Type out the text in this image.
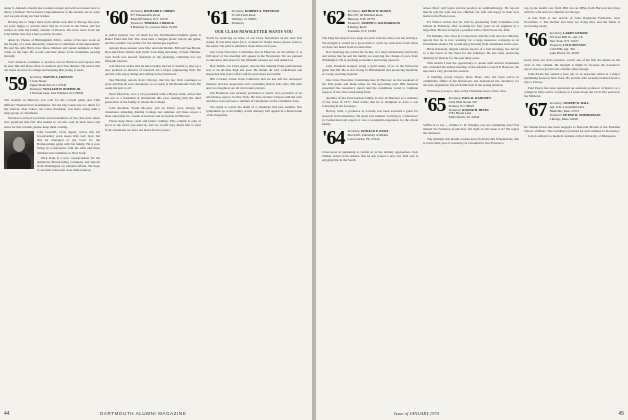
Anne S. Amanda already has a tennis racquet and will soon learn how to throw a frisbee! We've heard congratulations to the parents are in order and we pass along our best wishes.

Having due to Skip's hard work which took him to Europe last year, we were happy to receive news that he is back in the States and has settled in with his family outside of Boston. We have news from the John Miller who has a new position in sales.

Allen R. Thelen of Birmingham, Mich., writes of his new work on the faculty of a state university, where he is chairman of the department. He and his wife Betty have three children and spend summers at their cabin on the lake. He would welcome letters from classmates passing through.

Tom Johnson continues to practice law in Hartford and reports that he sees Jim and Dave often at reunions and class dinners. He writes that the twins are now in college and keeping him young at heart.

'59 Secretary, WAYNE A. FRENCH
5 Gale Street
Upper Montclair, N.J. 07043
Treasurer, WILLIAM H. BOEHM JR.
2 Newton Lane, East Windsor, N.J. 08520

The weather in Hanover was cold for the Cornell game and Club Officers' Weekend but nonetheless, but the big Green was too much for the visitors. Don Cutter, the Class President, was there along with a large group of classmates.

We have received word that several members of the class have taken new positions this fall. Our thanks to all who sent in their news and notes for this column; please keep them coming.

John Grenfell, Class Agent, writes that his broadcasting work keeps him very busy but that he managed to get back for the Homecoming game with his family. He is now living in Connecticut with his wife and three children and commutes to New York.

Dick Kalp is a new correspondent for the American Broadcasting Company and reports from Washington on national affairs. We hope to see him at the next class mini-reunion.

'60 Secretary, RICHARD F. OBERN
877 Pleasantville Road
Briarcliff Manor, N.Y. 10510
Treasurer, THOMAS J. BROCK
9 Berkeley St., Groton, Mass. 01450

A stellar turnout was on hand for the Dartmouth-Columbia game at Baker Field this fall. The class held a tailgate picnic before the game, and the weather was perfect for the annual get-together.

Among those present were Mac and Ann Kidder, Bill and Sue Harris, Don and Dotty Smith, Jack Swift, Tom Ring and many of their children. Jack Swift was elected chairman of the planning committee for our fifteenth reunion.

Joel Marcus writes that he has recently moved to Seattle to take up a new position as director of research for a major engineering firm. He and his wife enjoy skiing and sailing in the Northwest.

Ted Harding reports from Chicago that his law firm continues to grow and that he sees classmates on occasion at the Dartmouth Club. He sends his best to all.

Dave Morrison, now a vice president with a Boston bank, writes that his son is a freshman at Dartmouth this year, making him the third generation of the family to attend the College.

John Rozman, Frank Mooney and Al Peters were among the classmates attending Alumni College last summer. All three report a most enjoyable two weeks of lectures and recreation in Hanover.

Please keep those cards and letters coming. This column is only as good as the news you send in, and we would very much like to hear from classmates we have not heard from in years.

'61 Secretary, ROBERT A. WEINMAN
31 Old Farm Road
Windsor, Ct. 06095
Treasurer,
OUR CLASS NEWSLETTER WANTS YOU

You'll be receiving an issue of our Class Newsletter in the next few weeks. If you have news for it, or ideas for future issues, please write to the editor. We plan to publish it three times each year.

Our Class Executive Committee met in Hanover on November 3. A full report of the meeting will appear in the Newsletter. We are pleased to announce that plans for the fifteenth reunion are well underway.

Bob Smith, our Class Agent, reports that Alumni Fund participation was at an all-time high last year. He thanks all who contributed and hopes that this year's effort will be even more successful.

Bill Crocker writes from California that he has left the aerospace industry and has opened his own consulting firm in Palo Alto. His wife and two daughters are all avid tennis players.

Jim Hampton was recently promoted to senior vice president of an advertising agency in New York. He lives in New Canaan with his wife and three sons and sees a number of classmates on the commuter train.

We regret to report the death of a classmate this past autumn. Our sympathies go to his family. A full obituary will appear in a future issue of the magazine.

44	DARTMOUTH ALUMNI MAGAZINE
'62 Secretary, ARTHUR W. ROSEN
Box 597, 60 Mitchell Road
Hanover, N.H. 03755
Treasurer, JOSEPH C. RICHARDSON
8 Kelsey Road
Scarsdale, N.Y. 10583

The Mag has stayed on to keep in touch with the class over the holidays. We thought it would be a good time to catch up with news from those we have not heard from in some time.

Ron Stenberg has joined the faculty of a large midwestern university and writes that he and his family are enjoying the change of pace from Washington. He is teaching economics and doing research.

John Fountain stopped along a great many of us at the Princeton game this fall. He is now living in Philadelphia and practicing medicine at a large teaching hospital.

Our Class Executive Committee met in Hanover on the weekend of the Yale game and made plans for the upcoming year. Bill Jameson presented the treasurer's report and the committee voted to continue support of the class scholarship fund.

Another of the Paul Gannon family is now in Hanover as a member of the class of 1977. Paul writes that he is delighted to have a son following in his footsteps.

Harvey Stoll, a professor at Cornell, has been awarded a grant for research in biochemistry. He spent last summer working in a laboratory in Switzerland and reports it was a wonderful experience for the whole family.

'64 Secretary, DONALD E. KURT
Box 9345, University of Miami
Coral Gables, Fla. 33124

Class news is beginning to trickle in as the holiday approaches. Jack Walker writes from Atlanta that he has joined a new law firm and is enjoying life in the South.

where Marc will begin private practice in ophthalmology. He reports that he and his wife and two children are well and happy in their new home in the Boston area.

Ed Wilson writes that he will be graduating from Columbia Law School in February, after working for four years as an engineer in a large firm. He has accepted a position with a Wall Street law firm.

Pat Murphy, who lives in Connecticut with his wife and two children, reports that he is now working for a large insurance company as an investment analyst. He would enjoy hearing from classmates in the area.

Brian Kennedy, despite current reports of a fuel shortage, has driven to a ski resort in the West for the holidays. He has been practicing dentistry in Denver for the past three years.

This month I had the opportunity to speak with several classmates who attended the annual meeting of the Alumni Council in Hanover. All reported a very productive session.

A budding young lawyer, Dave Haas, who has been active in community affairs in his hometown, has announced his candidacy for the state legislature. We wish him luck in the spring election.

Will keep you up to date on the Christmas news of the class.

'65 Secretary, PAUL R. RAHONEY
Cetty Hall, Room 740
Trenton, N.J. 08625
Treasurer, ROGER H. HINES
2781 Hyson Lane
Falls Church, Va. 22042

Suffice it to say — Palmer C. D. Weeghe, you see something else? You missed the Northern production, but right on the issue it is? We regret the omission.

The mailings this month contain news from the Jim Wunderlicks, Jim is in his third year of residency at a hospital in San Francisco.

cap in the health care field. Bill has an MBA from Harvard and lives with his wife and two children in Chicago.

A late flash is the arrival of John Raymond Frederick, born November 1. The mother and baby are doing fine, and the father is recovering nicely.

'66 Secretary, LARRY GEIGER
301 East 48th St., Apt. 1E
New York, N.Y. 10017
Treasurer, LYLE BUTTON
Cobb Hill, Apt. 306
Lake Placid, Va. 22205

Garry Paul, our class treasurer, wasn't one of the first six names on the class in this column. He thought it might be because the treasurer's report does not get into the column often enough.

John Evans has started a new job as an associate editor at a major publishing house in New York. He and his wife recently returned from a trip to Europe.

Paul Peters has been appointed an assistant professor of history at a college in Ohio and is working on a book about the Civil War period in the Midwest.

'67 Secretary, JOSEPH W. BALL
Apt. 9-D, 2 Greenfield Ave.
Nashville, Tenn. 37215
Treasurer, PETER W. ZIMMERMAN
Chicago, Mass. 02020

Dr. Daniel Kress has been engaged to Deborah Martin of the Eastman School of Music. The wedding is planned for next summer in Rochester.

Jack Lockhart is a medical resident at the University of Minnesota.

Issue of JANUARY 1974	45
